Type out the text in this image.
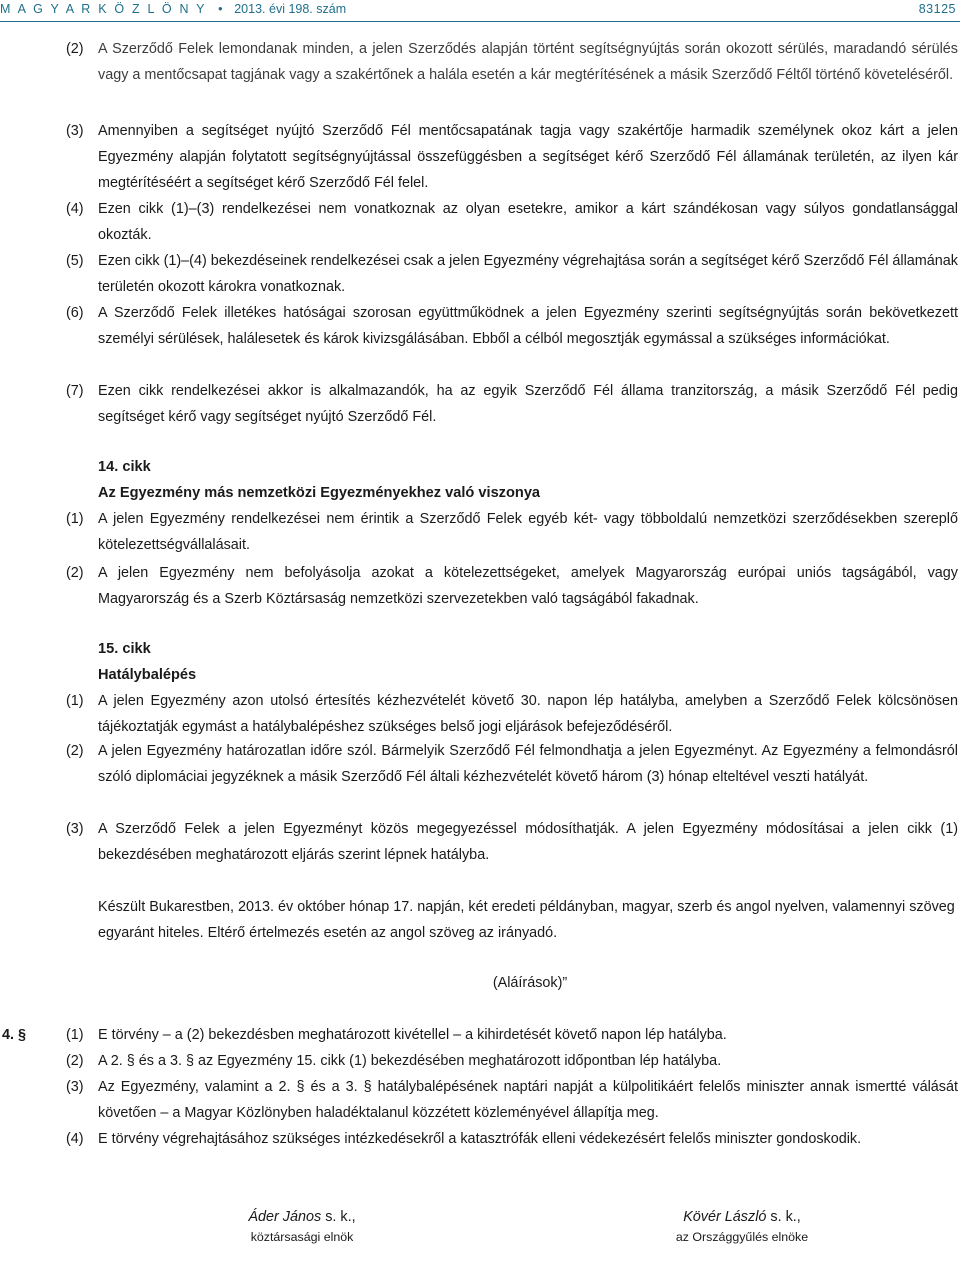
M A G Y A R K Ö Z L Ö N Y • 2013. évi 198. szám	83125
(2)	A Szerződő Felek lemondanak minden, a jelen Szerződés alapján történt segítségnyújtás során okozott sérülés, maradandó sérülés vagy a mentőcsapat tagjának vagy a szakértőnek a halála esetén a kár megtérítésének a másik Szerződő Féltől történő követeléséről.
(3)	Amennyiben a segítséget nyújtó Szerződő Fél mentőcsapatának tagja vagy szakértője harmadik személynek okoz kárt a jelen Egyezmény alapján folytatott segítségnyújtással összefüggésben a segítséget kérő Szerződő Fél államának területén, az ilyen kár megtérítéséért a segítséget kérő Szerződő Fél felel.
(4)	Ezen cikk (1)–(3) rendelkezései nem vonatkoznak az olyan esetekre, amikor a kárt szándékosan vagy súlyos gondatlansággal okozták.
(5)	Ezen cikk (1)–(4) bekezdéseinek rendelkezései csak a jelen Egyezmény végrehajtása során a segítséget kérő Szerződő Fél államának területén okozott károkra vonatkoznak.
(6)	A Szerződő Felek illetékes hatóságai szorosan együttműködnek a jelen Egyezmény szerinti segítségnyújtás során bekövetkezett személyi sérülések, halálesetek és károk kivizsgálásában. Ebből a célból megosztják egymással a szükséges információkat.
(7)	Ezen cikk rendelkezései akkor is alkalmazandók, ha az egyik Szerződő Fél állama tranzitország, a másik Szerződő Fél pedig segítséget kérő vagy segítséget nyújtó Szerződő Fél.
14. cikk
Az Egyezmény más nemzetközi Egyezményekhez való viszonya
(1)	A jelen Egyezmény rendelkezései nem érintik a Szerződő Felek egyéb két- vagy többoldalú nemzetközi szerződésekben szereplő kötelezettségvállalásait.
(2)	A jelen Egyezmény nem befolyásolja azokat a kötelezettségeket, amelyek Magyarország európai uniós tagságából, vagy Magyarország és a Szerb Köztársaság nemzetközi szervezetekben való tagságából fakadnak.
15. cikk
Hatálybalépés
(1)	A jelen Egyezmény azon utolsó értesítés kézhezvételét követő 30. napon lép hatályba, amelyben a Szerződő Felek kölcsönösen tájékoztatják egymást a hatálybalépéshez szükséges belső jogi eljárások befejeződéséről.
(2)	A jelen Egyezmény határozatlan időre szól. Bármelyik Szerződő Fél felmondhatja a jelen Egyezményt. Az Egyezmény a felmondásról szóló diplomáciai jegyzéknek a másik Szerződő Fél általi kézhezvételét követő három (3) hónap elteltével veszti hatályát.
(3)	A Szerződő Felek a jelen Egyezményt közös megegyezéssel módosíthatják. A jelen Egyezmény módosításai a jelen cikk (1) bekezdésében meghatározott eljárás szerint lépnek hatályba.
Készült Bukarestben, 2013. év október hónap 17. napján, két eredeti példányban, magyar, szerb és angol nyelven, valamennyi szöveg egyaránt hiteles. Eltérő értelmezés esetén az angol szöveg az irányadó.
(Aláírások)”
4. §	(1)	E törvény – a (2) bekezdésben meghatározott kivétellel – a kihirdetését követő napon lép hatályba.
(2)	A 2. § és a 3. § az Egyezmény 15. cikk (1) bekezdésében meghatározott időpontban lép hatályba.
(3)	Az Egyezmény, valamint a 2. § és a 3. § hatálybalépésének naptári napját a külpolitikáért felelős miniszter annak ismertté válását követően – a Magyar Közlönyben haladéktalanul közzétett közleményével állapítja meg.
(4)	E törvény végrehajtásához szükséges intézkedésekről a katasztrófák elleni védekezésért felelős miniszter gondoskodik.
Áder János s. k.,
köztársasági elnök
Kövér László s. k.,
az Országgyűlés elnöke
